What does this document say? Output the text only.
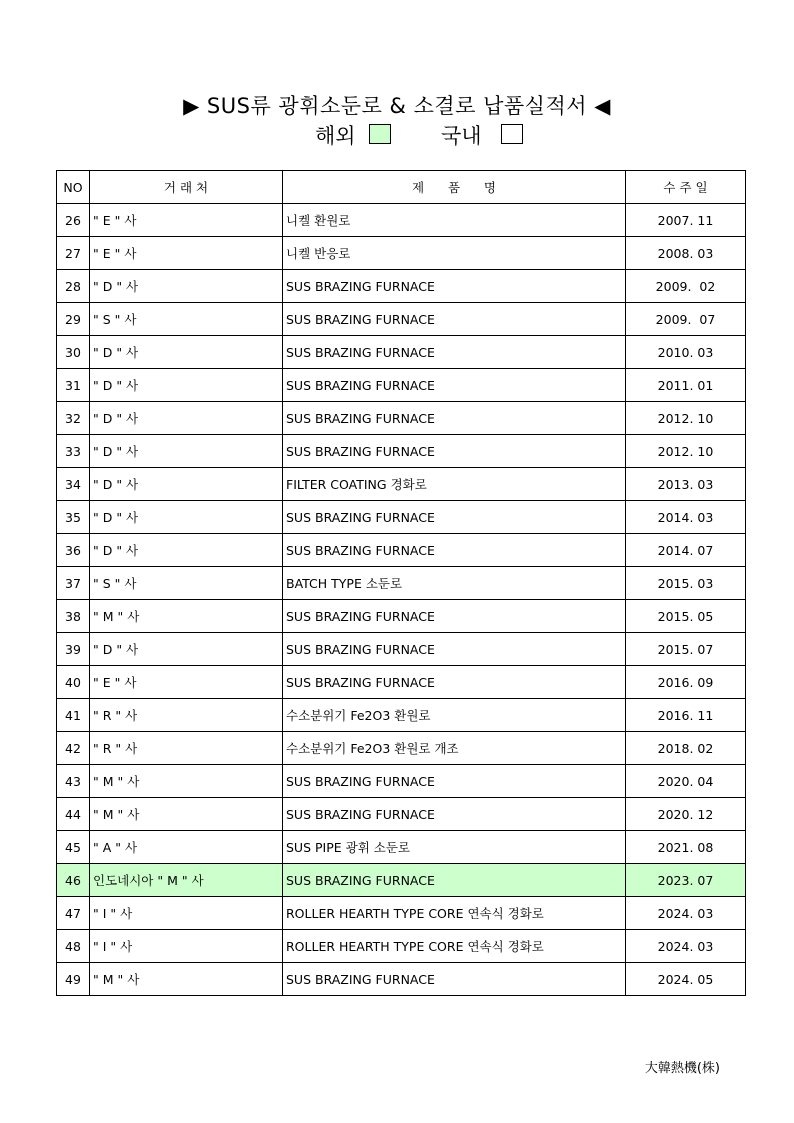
▶ SUS류 광휘소둔로 & 소결로 납품실적서 ◀
해외	국내
NO	거 래 처	제      품      명	수 주 일
26	" E " 사	니켈 환원로	2007. 11
27	" E " 사	니켈 반응로	2008. 03
28	" D " 사	SUS BRAZING FURNACE	2009.  02
29	" S " 사	SUS BRAZING FURNACE	2009.  07
30	" D " 사	SUS BRAZING FURNACE	2010. 03
31	" D " 사	SUS BRAZING FURNACE	2011. 01
32	" D " 사	SUS BRAZING FURNACE	2012. 10
33	" D " 사	SUS BRAZING FURNACE	2012. 10
34	" D " 사	FILTER COATING 경화로	2013. 03
35	" D " 사	SUS BRAZING FURNACE	2014. 03
36	" D " 사	SUS BRAZING FURNACE	2014. 07
37	" S " 사	BATCH TYPE 소둔로	2015. 03
38	" M " 사	SUS BRAZING FURNACE	2015. 05
39	" D " 사	SUS BRAZING FURNACE	2015. 07
40	" E " 사	SUS BRAZING FURNACE	2016. 09
41	" R " 사	수소분위기 Fe2O3 환원로	2016. 11
42	" R " 사	수소분위기 Fe2O3 환원로 개조	2018. 02
43	" M " 사	SUS BRAZING FURNACE	2020. 04
44	" M " 사	SUS BRAZING FURNACE	2020. 12
45	" A " 사	SUS PIPE 광휘 소둔로	2021. 08
46	인도네시아 " M " 사	SUS BRAZING FURNACE	2023. 07
47	" I " 사	ROLLER HEARTH TYPE CORE 연속식 경화로	2024. 03
48	" I " 사	ROLLER HEARTH TYPE CORE 연속식 경화로	2024. 03
49	" M " 사	SUS BRAZING FURNACE	2024. 05
大韓熱機(株)
